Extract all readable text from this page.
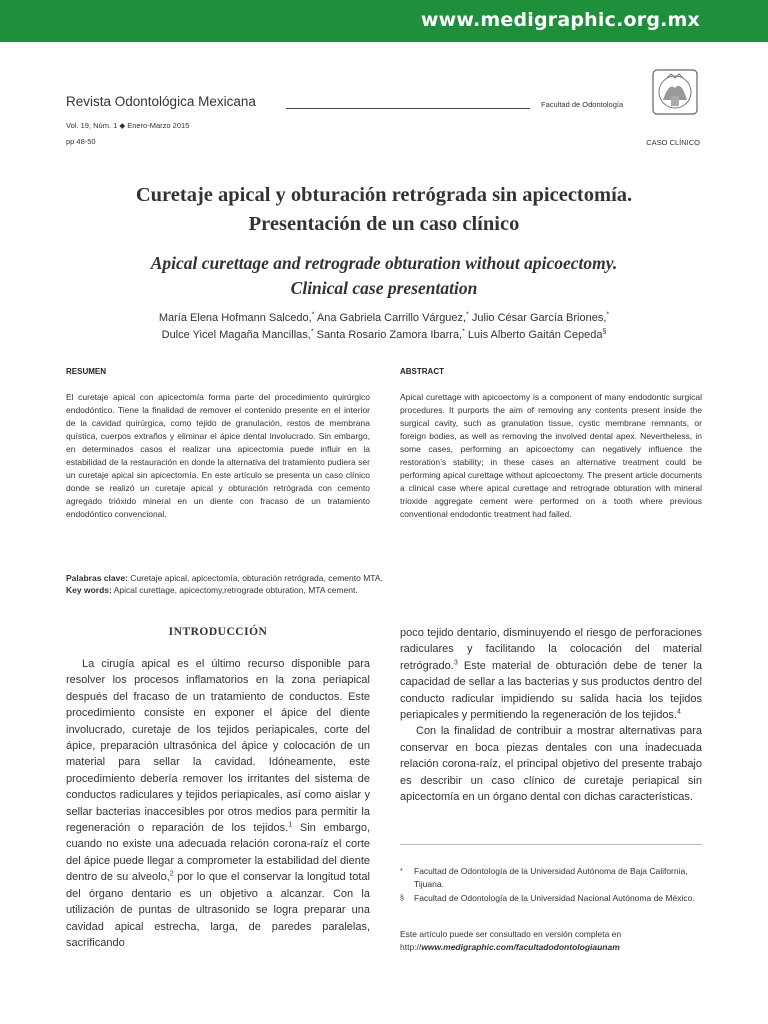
www.medigraphic.org.mx
Revista Odontológica Mexicana	Facultad de Odontología
Vol. 19, Núm. 1 ◆ Enero-Marzo 2015
pp 48-50	CASO CLÍNICO
Curetaje apical y obturación retrógrada sin apicectomía.
Presentación de un caso clínico
Apical curettage and retrograde obturation without apicoectomy.
Clinical case presentation
María Elena Hofmann Salcedo,* Ana Gabriela Carrillo Várguez,* Julio César García Briones,*
Dulce Yicel Magaña Mancillas,* Santa Rosario Zamora Ibarra,* Luis Alberto Gaitán Cepeda§
RESUMEN	ABSTRACT
El curetaje apical con apicectomía forma parte del procedimiento quirúrgico endodóntico. Tiene la finalidad de remover el contenido presente en el interior de la cavidad quirúrgica, como tejido de granulación, restos de membrana quística, cuerpos extraños y eliminar el ápice dental involucrado. Sin embargo, en determinados casos el realizar una apicectomía puede influir en la estabilidad de la restauración en donde la alternativa del tratamiento pudiera ser un curetaje apical sin apicectomía. En este artículo se presenta un caso clínico donde se realizó un curetaje apical y obturación retrógrada con cemento agregado trióxido mineral en un diente con fracaso de un tratamiento endodóntico convencional.
Apical curettage with apicoectomy is a component of many endodontic surgical procedures. It purports the aim of removing any contents present inside the surgical cavity, such as granulation tissue, cystic membrane remnants, or foreign bodies, as well as removing the involved dental apex. Nevertheless, in some cases, performing an apicoectomy can negatively influence the restoration’s stability; in these cases an alternative treatment could be performing apical curettage without apicoectomy. The present article documents a clinical case where apical curettage and retrograde obturation with mineral trioxide aggregate cement were performed on a tooth where previous conventional endodontic treatment had failed.
Palabras clave: Curetaje apical, apicectomía, obturación retrógrada, cemento MTA.
Key words: Apical curettage, apicectomy,retrograde obturation, MTA cement.
INTRODUCCIÓN

La cirugía apical es el último recurso disponible para resolver los procesos inflamatorios en la zona periapical después del fracaso de un tratamiento de conductos. Este procedimiento consiste en exponer el ápice del diente involucrado, curetaje de los tejidos periapicales, corte del ápice, preparación ultrasónica del ápice y colocación de un material para sellar la cavidad. Idóneamente, este procedimiento debería remover los irritantes del sistema de conductos radiculares y tejidos periapicales, así como aislar y sellar bacterias inaccesibles por otros medios para permitir la regeneración o reparación de los tejidos.$^1$ Sin embargo, cuando no existe una adecuada relación corona-raíz el corte del ápice puede llegar a comprometer la estabilidad del diente dentro de su alveolo,$^2$ por lo que el conservar la longitud total del órgano dentario es un objetivo a alcanzar. Con la utilización de puntas de ultrasonido se logra preparar una cavidad apical estrecha, larga, de paredes paralelas, sacrificando

poco tejido dentario, disminuyendo el riesgo de perforaciones radiculares y facilitando la colocación del material retrógrado.$^3$ Este material de obturación debe de tener la capacidad de sellar a las bacterias y sus productos dentro del conducto radicular impidiendo su salida hacia los tejidos periapicales y permitiendo la regeneración de los tejidos.$^4$

Con la finalidad de contribuir a mostrar alternativas para conservar en boca piezas dentales con una inadecuada relación corona-raíz, el principal objetivo del presente trabajo es describir un caso clínico de curetaje periapical sin apicectomía en un órgano dental con dichas características.

*	Facultad de Odontología de la Universidad Autónoma de Baja California, Tijuana.
§	Facultad de Odontología de la Universidad Nacional Autónoma de México.
Este artículo puede ser consultado en versión completa en http://www.medigraphic.com/facultadodontologiaunam
